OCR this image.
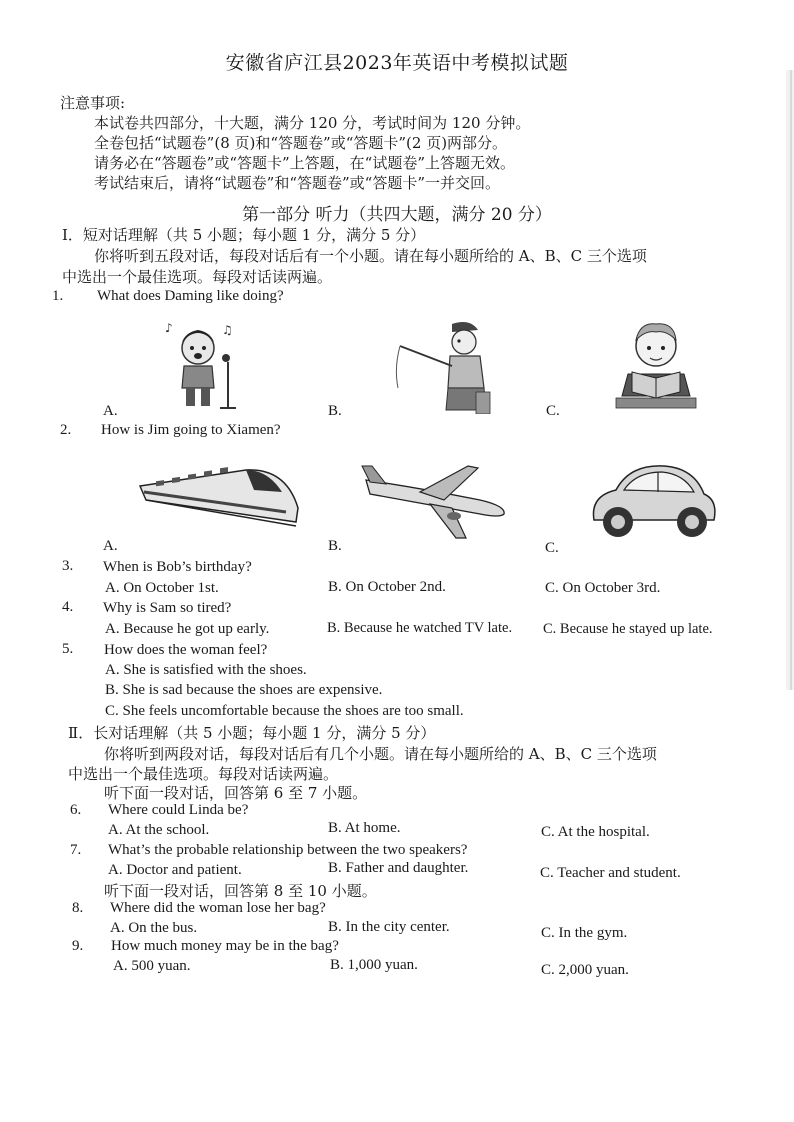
安徽省庐江县2023年英语中考模拟试题
注意事项:
本试卷共四部分，十大题，满分 120 分，考试时间为 120 分钟。
全卷包括“试题卷”(8 页)和“答题卷”或“答题卡”(2 页)两部分。
请务必在“答题卷”或“答题卡”上答题，在“试题卷”上答题无效。
考试结束后，请将“试题卷”和“答题卷”或“答题卡”一并交回。
第一部分 听力（共四大题，满分 20 分）
Ⅰ．短对话理解（共 5 小题；每小题 1 分，满分 5 分）
你将听到五段对话，每段对话后有一个小题。请在每小题所给的 A、B、C 三个选项
中选出一个最佳选项。每段对话读两遍。
1. What does Daming like doing?
♪	♫
A.	B.	C.
2. How is Jim going to Xiamen?
A.	B.	C.
3. When is Bob’s birthday?
A. On October 1st.	B. On October 2nd.	C. On October 3rd.
4. Why is Sam so tired?
A. Because he got up early.	B. Because he watched TV late. C. Because he stayed up late.
5. How does the woman feel?
A. She is satisfied with the shoes.
B. She is sad because the shoes are expensive.
C. She feels uncomfortable because the shoes are too small.
Ⅱ．长对话理解（共 5 小题；每小题 1 分，满分 5 分）
你将听到两段对话，每段对话后有几个小题。请在每小题所给的 A、B、C 三个选项
中选出一个最佳选项。每段对话读两遍。
听下面一段对话，回答第 6 至 7 小题。
6. Where could Linda be?
A. At the school.	B. At home.	C. At the hospital.
7. What’s the probable relationship between the two speakers?
A. Doctor and patient.	B. Father and daughter.	C. Teacher and student.
听下面一段对话，回答第 8 至 10 小题。
8. Where did the woman lose her bag?
A. On the bus.	B. In the city center.	C. In the gym.
9. How much money may be in the bag?
A. 500 yuan.	B. 1,000 yuan.	C. 2,000 yuan.
